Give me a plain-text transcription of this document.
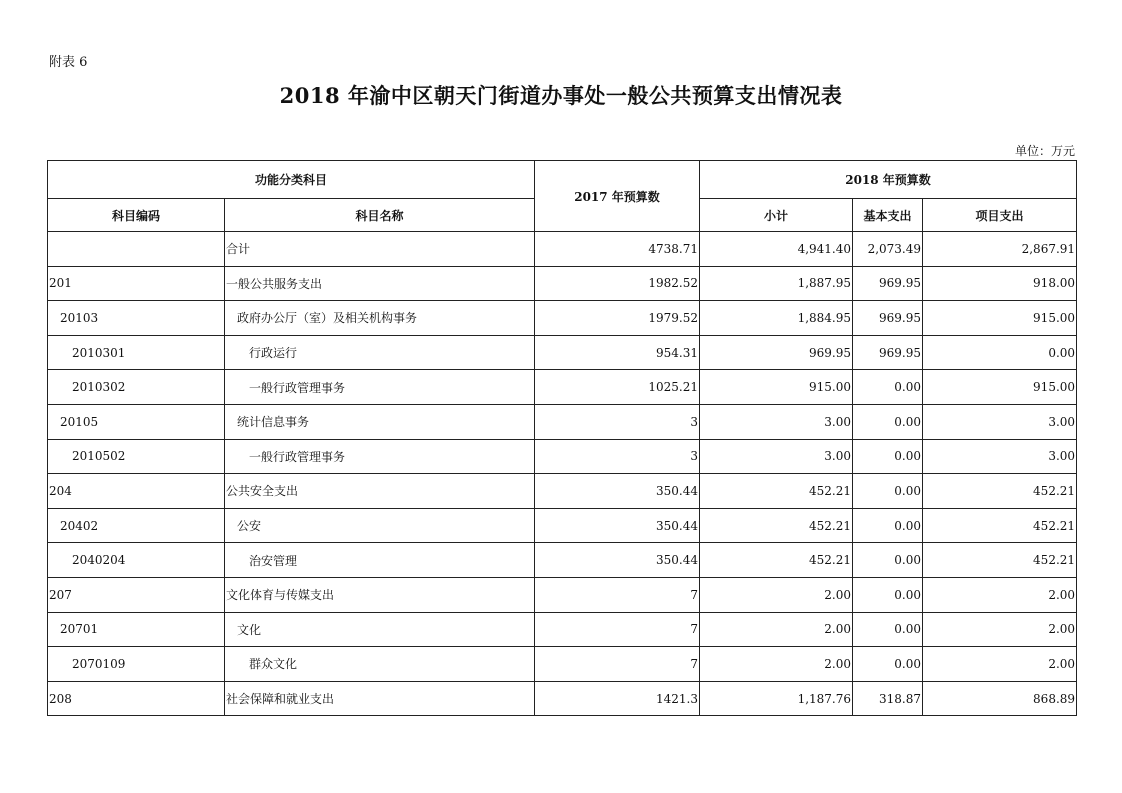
附表 6
2018 年渝中区朝天门街道办事处一般公共预算支出情况表
单位：万元
功能分类科目		2017 年预算数	2018 年预算数		
科目编码	科目名称		小计	基本支出	项目支出
	合计	4738.71	4,941.40	2,073.49	2,867.91
201	一般公共服务支出	1982.52	1,887.95	969.95	918.00
20103	政府办公厅（室）及相关机构事务	1979.52	1,884.95	969.95	915.00
2010301	行政运行	954.31	969.95	969.95	0.00
2010302	一般行政管理事务	1025.21	915.00	0.00	915.00
20105	统计信息事务	3	3.00	0.00	3.00
2010502	一般行政管理事务	3	3.00	0.00	3.00
204	公共安全支出	350.44	452.21	0.00	452.21
20402	公安	350.44	452.21	0.00	452.21
2040204	治安管理	350.44	452.21	0.00	452.21
207	文化体育与传媒支出	7	2.00	0.00	2.00
20701	文化	7	2.00	0.00	2.00
2070109	群众文化	7	2.00	0.00	2.00
208	社会保障和就业支出	1421.3	1,187.76	318.87	868.89
